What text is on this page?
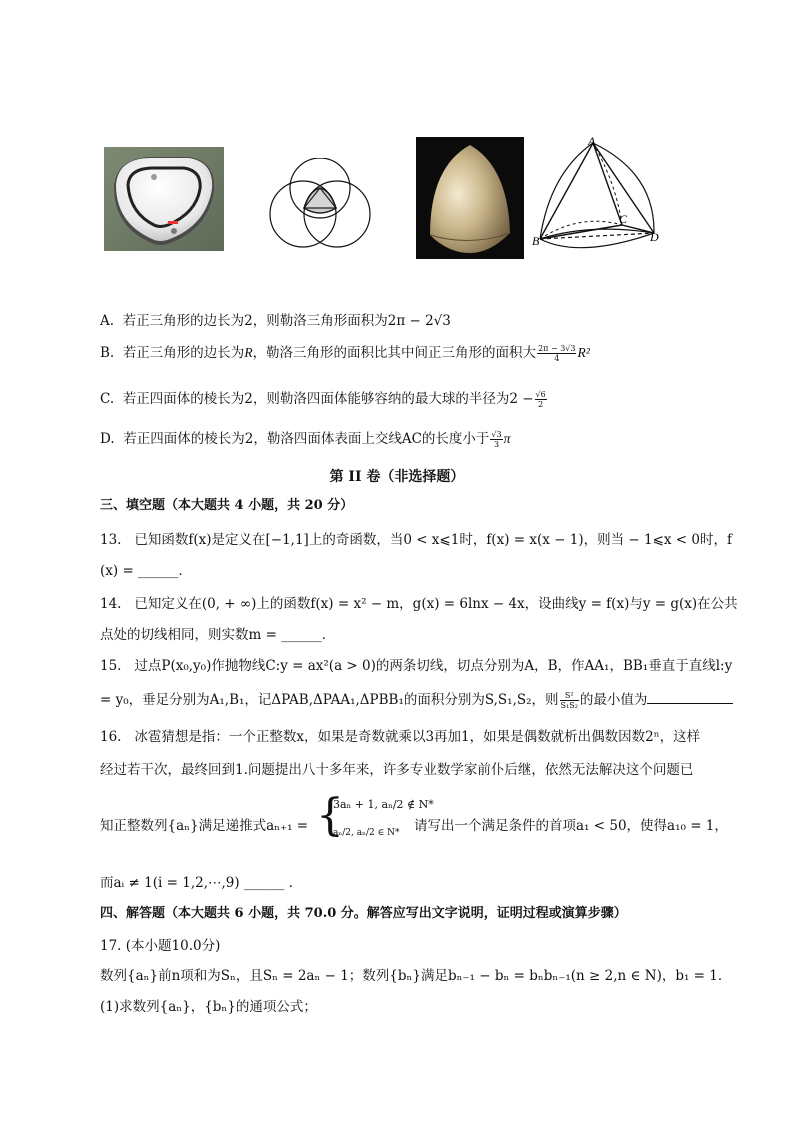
A
B
C
D
A. 若正三角形的边长为2，则勒洛三角形面积为2π − 2√3
B. 若正三角形的边长为R，勒洛三角形的面积比其中间正三角形的面积大 $\frac{2\pi - 3√3}{4} R^2$
C. 若正四面体的棱长为2，则勒洛四面体能够容纳的最大球的半径为$2 - \frac{√6}{2}$
D. 若正四面体的棱长为2，勒洛四面体表面上交线AC的长度小于 $\frac{√3}{3}$ π
第 II 卷（非选择题）
三、填空题（本大题共 4 小题，共 20 分）
13. 已知函数f(x)是定义在[−1,1]上的奇函数，当0 < x⩽1时，f(x) = x(x − 1)，则当 − 1⩽x < 0时，f
(x) = ______．
14. 已知定义在(0, + ∞)上的函数f(x) = x² − m，g(x) = 6lnx − 4x，设曲线y = f(x)与y = g(x)在公共
点处的切线相同，则实数m = ______．
15. 过点P(x₀,y₀)作抛物线C:y = ax²(a > 0)的两条切线，切点分别为A，B，作AA₁，BB₁垂直于直线l:y
= y₀，垂足分别为A₁,B₁，记ΔPAB,ΔPAA₁,ΔPBB₁的面积分别为S,S₁,S₂，则 $\frac{\text{S²}}{\text{S₁S₂}}$ 的最小值为
16. 冰雹猜想是指：一个正整数x，如果是奇数就乘以3再加1，如果是偶数就析出偶数因数2ⁿ，这样
经过若干次，最终回到1.问题提出八十多年来，许多专业数学家前仆后继，依然无法解决这个问题已
知正整数列{aₙ}满足递推式aₙ₊₁ = {
3aₙ + 1, aₙ/2 ∉ N*
aₙ/2, aₙ/2 ∈ N* 请写出一个满足条件的首项a₁ < 50，使得a₁₀ = 1，
而aᵢ ≠ 1(i = 1,2,⋯,9) ______ ．
四、解答题（本大题共 6 小题，共 70.0 分。解答应写出文字说明，证明过程或演算步骤）
17. (本小题10.0分)
数列{aₙ}前n项和为Sₙ，且Sₙ = 2aₙ − 1；数列{bₙ}满足bₙ₋₁ − bₙ = bₙbₙ₋₁(n ≥ 2,n ∈ N)，b₁ = 1．
(1)求数列{aₙ}，{bₙ}的通项公式；
